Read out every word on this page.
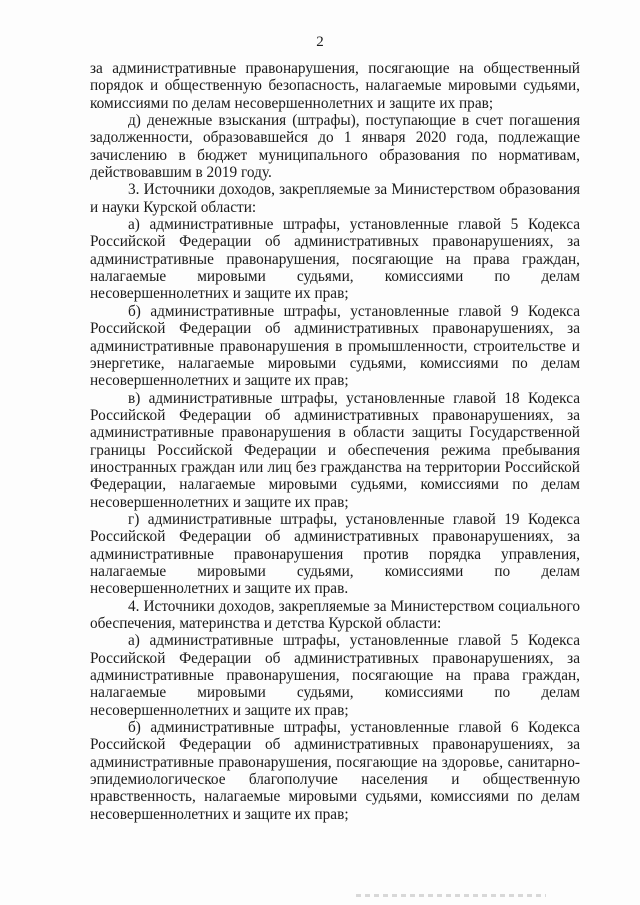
2

за административные правонарушения, посягающие на общественный порядок и общественную безопасность, налагаемые мировыми судьями, комиссиями по делам несовершеннолетних и защите их прав;

д) денежные взыскания (штрафы), поступающие в счет погашения задолженности, образовавшейся до 1 января 2020 года, подлежащие зачислению в бюджет муниципального образования по нормативам, действовавшим в 2019 году.

3. Источники доходов, закрепляемые за Министерством образования и науки Курской области:

а) административные штрафы, установленные главой 5 Кодекса Российской Федерации об административных правонарушениях, за административные правонарушения, посягающие на права граждан, налагаемые мировыми судьями, комиссиями по делам несовершеннолетних и защите их прав;

б) административные штрафы, установленные главой 9 Кодекса Российской Федерации об административных правонарушениях, за административные правонарушения в промышленности, строительстве и энергетике, налагаемые мировыми судьями, комиссиями по делам несовершеннолетних и защите их прав;

в) административные штрафы, установленные главой 18 Кодекса Российской Федерации об административных правонарушениях, за административные правонарушения в области защиты Государственной границы Российской Федерации и обеспечения режима пребывания иностранных граждан или лиц без гражданства на территории Российской Федерации, налагаемые мировыми судьями, комиссиями по делам несовершеннолетних и защите их прав;

г) административные штрафы, установленные главой 19 Кодекса Российской Федерации об административных правонарушениях, за административные правонарушения против порядка управления, налагаемые мировыми судьями, комиссиями по делам несовершеннолетних и защите их прав.

4. Источники доходов, закрепляемые за Министерством социального обеспечения, материнства и детства Курской области:

а) административные штрафы, установленные главой 5 Кодекса Российской Федерации об административных правонарушениях, за административные правонарушения, посягающие на права граждан, налагаемые мировыми судьями, комиссиями по делам несовершеннолетних и защите их прав;

б) административные штрафы, установленные главой 6 Кодекса Российской Федерации об административных правонарушениях, за административные правонарушения, посягающие на здоровье, санитарно-эпидемиологическое благополучие населения и общественную нравственность, налагаемые мировыми судьями, комиссиями по делам несовершеннолетних и защите их прав;
